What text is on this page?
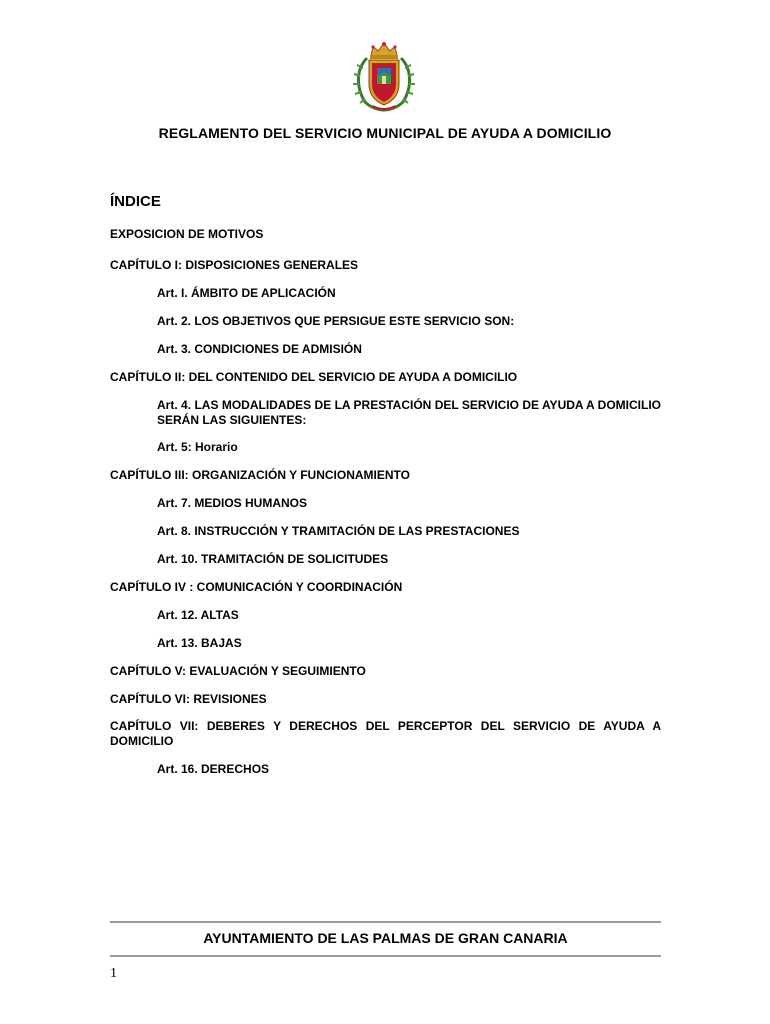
REGLAMENTO DEL SERVICIO MUNICIPAL DE AYUDA A DOMICILIO
ÍNDICE
EXPOSICION DE MOTIVOS
CAPÍTULO I: DISPOSICIONES GENERALES
Art. I. ÁMBITO DE APLICACIÓN
Art. 2. LOS OBJETIVOS QUE PERSIGUE ESTE SERVICIO SON:
Art. 3. CONDICIONES DE ADMISIÓN
CAPÍTULO II: DEL CONTENIDO DEL SERVICIO DE AYUDA A DOMICILIO
Art. 4. LAS MODALIDADES DE LA PRESTACIÓN DEL SERVICIO DE AYUDA A DOMICILIO SERÁN LAS SIGUIENTES:
Art. 5: Horario
CAPÍTULO III: ORGANIZACIÓN Y FUNCIONAMIENTO
Art. 7. MEDIOS HUMANOS
Art. 8. INSTRUCCIÓN Y TRAMITACIÓN DE LAS PRESTACIONES
Art. 10. TRAMITACIÓN DE SOLICITUDES
CAPÍTULO IV : COMUNICACIÓN Y COORDINACIÓN
Art. 12. ALTAS
Art. 13. BAJAS
CAPÍTULO V: EVALUACIÓN Y SEGUIMIENTO
CAPÍTULO VI: REVISIONES
CAPÍTULO VII: DEBERES Y DERECHOS DEL PERCEPTOR DEL SERVICIO DE AYUDA A DOMICILIO
Art. 16. DERECHOS
AYUNTAMIENTO DE LAS PALMAS DE GRAN CANARIA
1
